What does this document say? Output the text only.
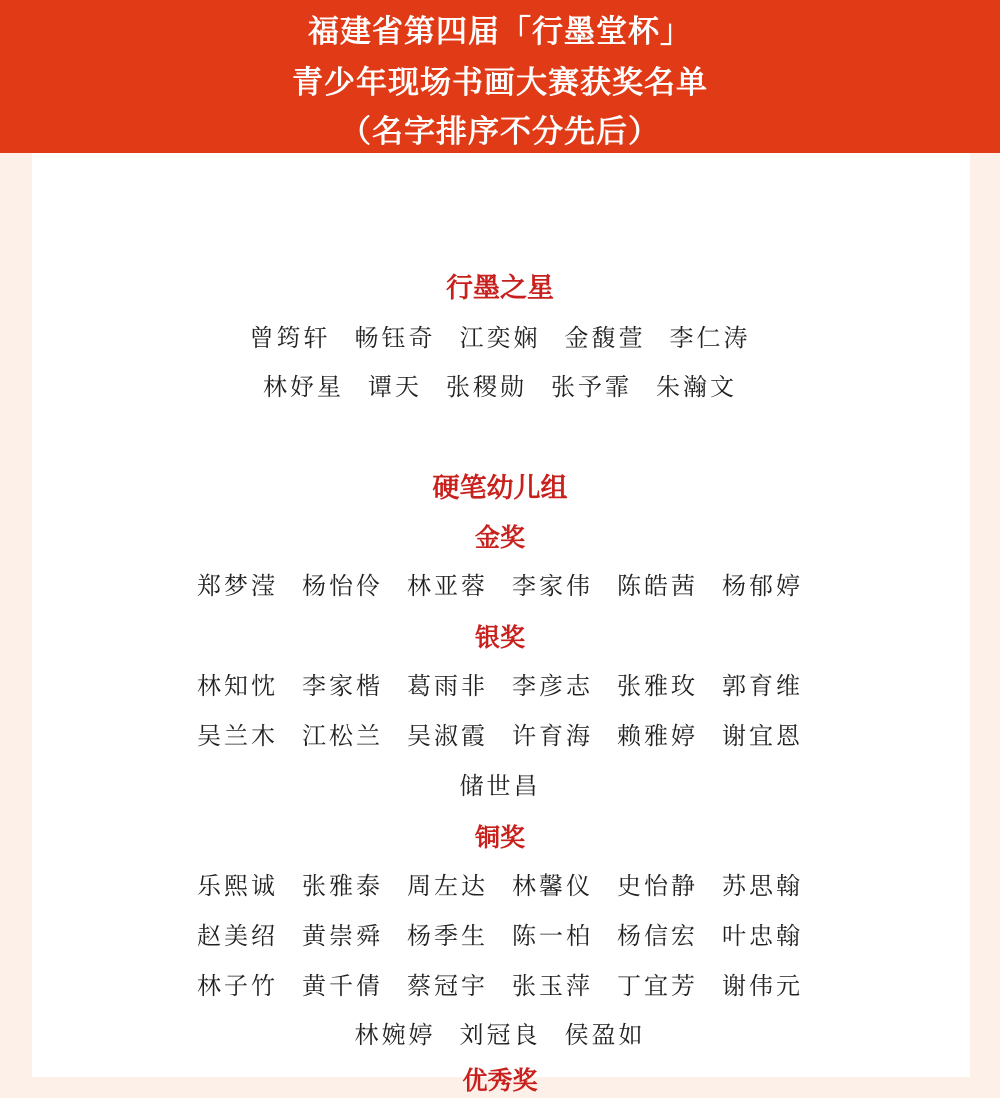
福建省第四届「行墨堂杯」
青少年现场书画大赛获奖名单
（名字排序不分先后）
行墨之星
曾筠轩 畅钰奇 江奕娴 金馥萱 李仁涛
林妤星 谭天 张稷勋 张予霏 朱瀚文
硬笔幼儿组
金奖
郑梦滢 杨怡伶 林亚蓉 李家伟 陈皓茜 杨郁婷
银奖
林知忱 李家楷 葛雨非 李彦志 张雅玫 郭育维
吴兰木 江松兰 吴淑霞 许育海 赖雅婷 谢宜恩
储世昌
铜奖
乐熙诚 张雅泰 周左达 林馨仪 史怡静 苏思翰
赵美绍 黄崇舜 杨季生 陈一柏 杨信宏 叶忠翰
林子竹 黄千倩 蔡冠宇 张玉萍 丁宜芳 谢伟元
林婉婷 刘冠良 侯盈如
优秀奖
